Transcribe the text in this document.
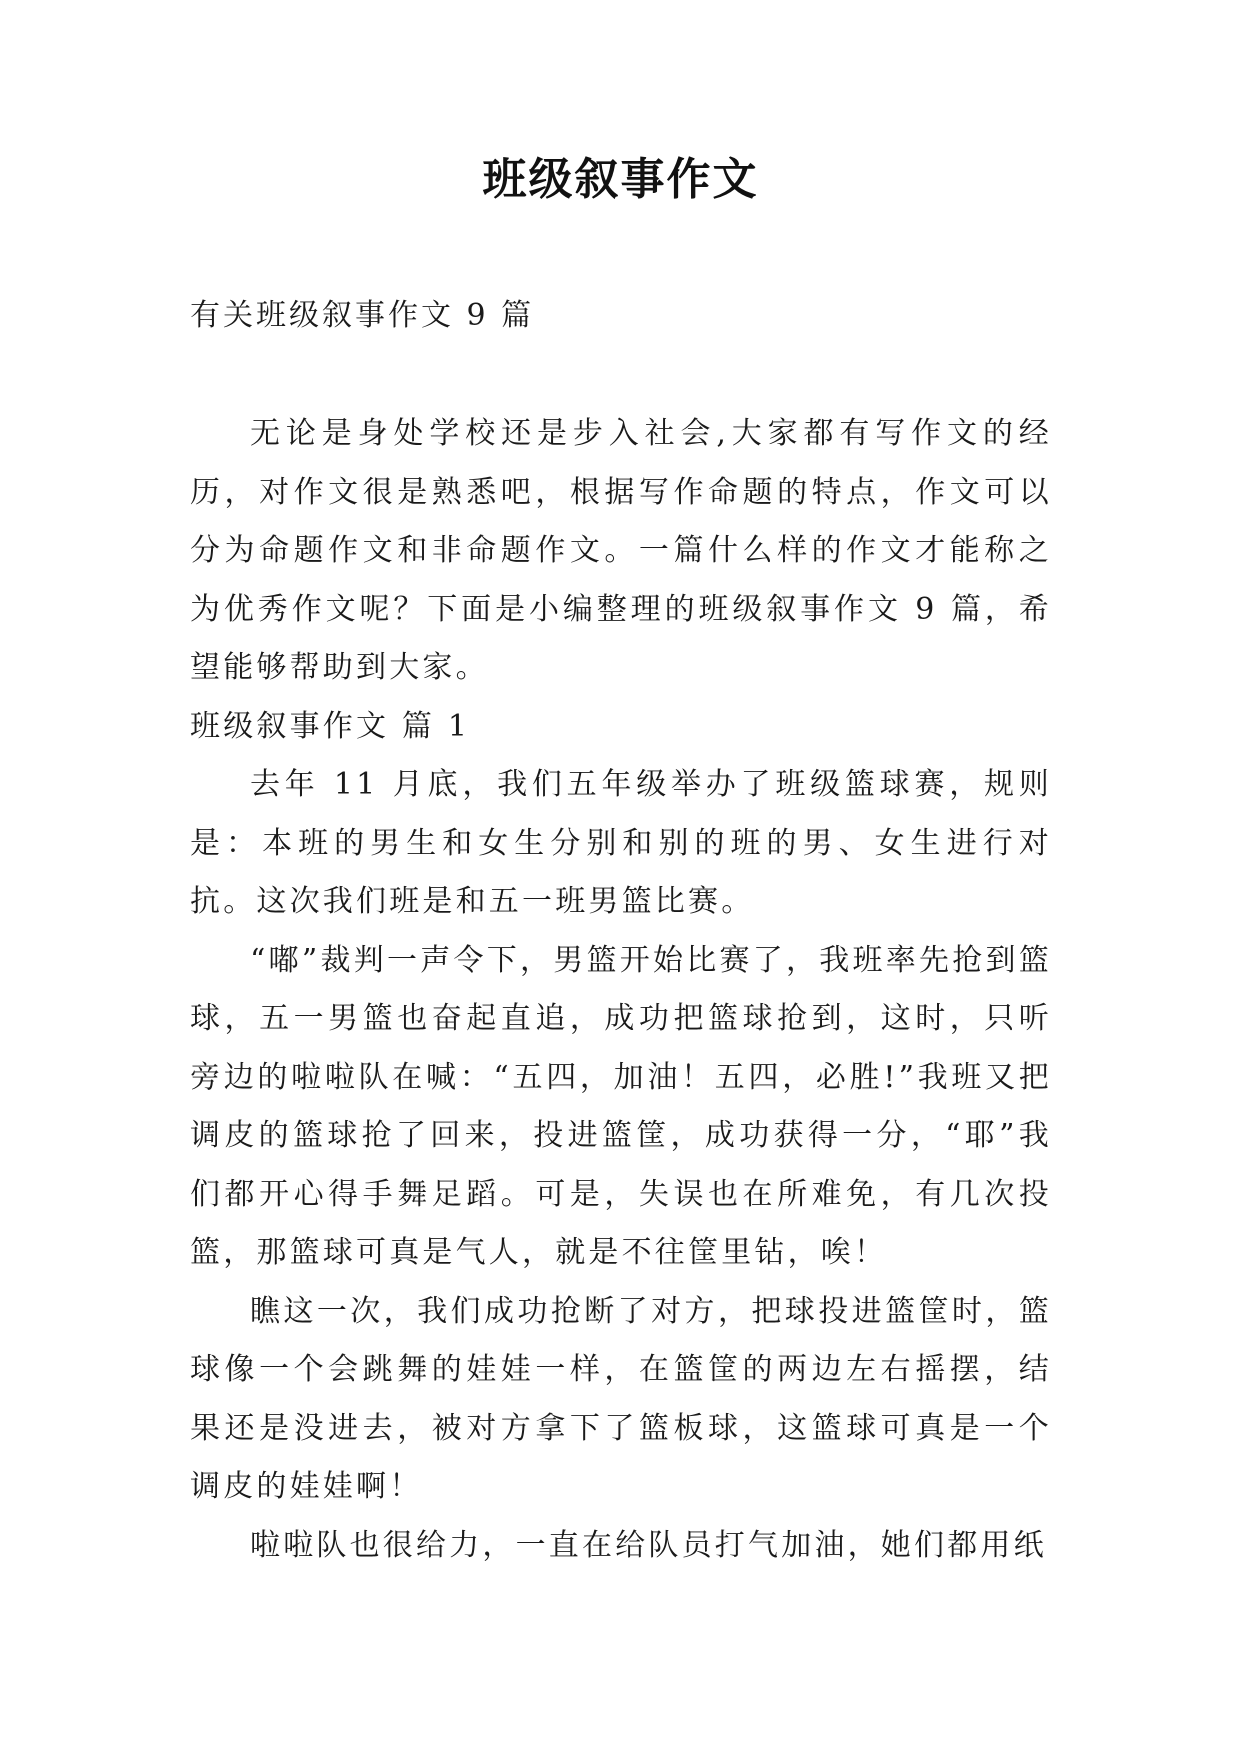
班级叙事作文
有关班级叙事作文 9 篇

无论是身处学校还是步入社会,大家都有写作文的经历，对作文很是熟悉吧，根据写作命题的特点，作文可以分为命题作文和非命题作文。一篇什么样的作文才能称之为优秀作文呢？下面是小编整理的班级叙事作文 9 篇，希望能够帮助到大家。

班级叙事作文 篇 1

去年 11 月底，我们五年级举办了班级篮球赛，规则是：本班的男生和女生分别和别的班的男、女生进行对抗。这次我们班是和五一班男篮比赛。

“嘟”裁判一声令下，男篮开始比赛了，我班率先抢到篮球，五一男篮也奋起直追，成功把篮球抢到，这时，只听旁边的啦啦队在喊：“五四，加油！五四，必胜!”我班又把调皮的篮球抢了回来，投进篮筐，成功获得一分，“耶”我们都开心得手舞足蹈。可是，失误也在所难免，有几次投篮，那篮球可真是气人，就是不往筐里钻，唉！

瞧这一次，我们成功抢断了对方，把球投进篮筐时，篮球像一个会跳舞的娃娃一样，在篮筐的两边左右摇摆，结果还是没进去，被对方拿下了篮板球，这篮球可真是一个调皮的娃娃啊！

啦啦队也很给力，一直在给队员打气加油，她们都用纸
